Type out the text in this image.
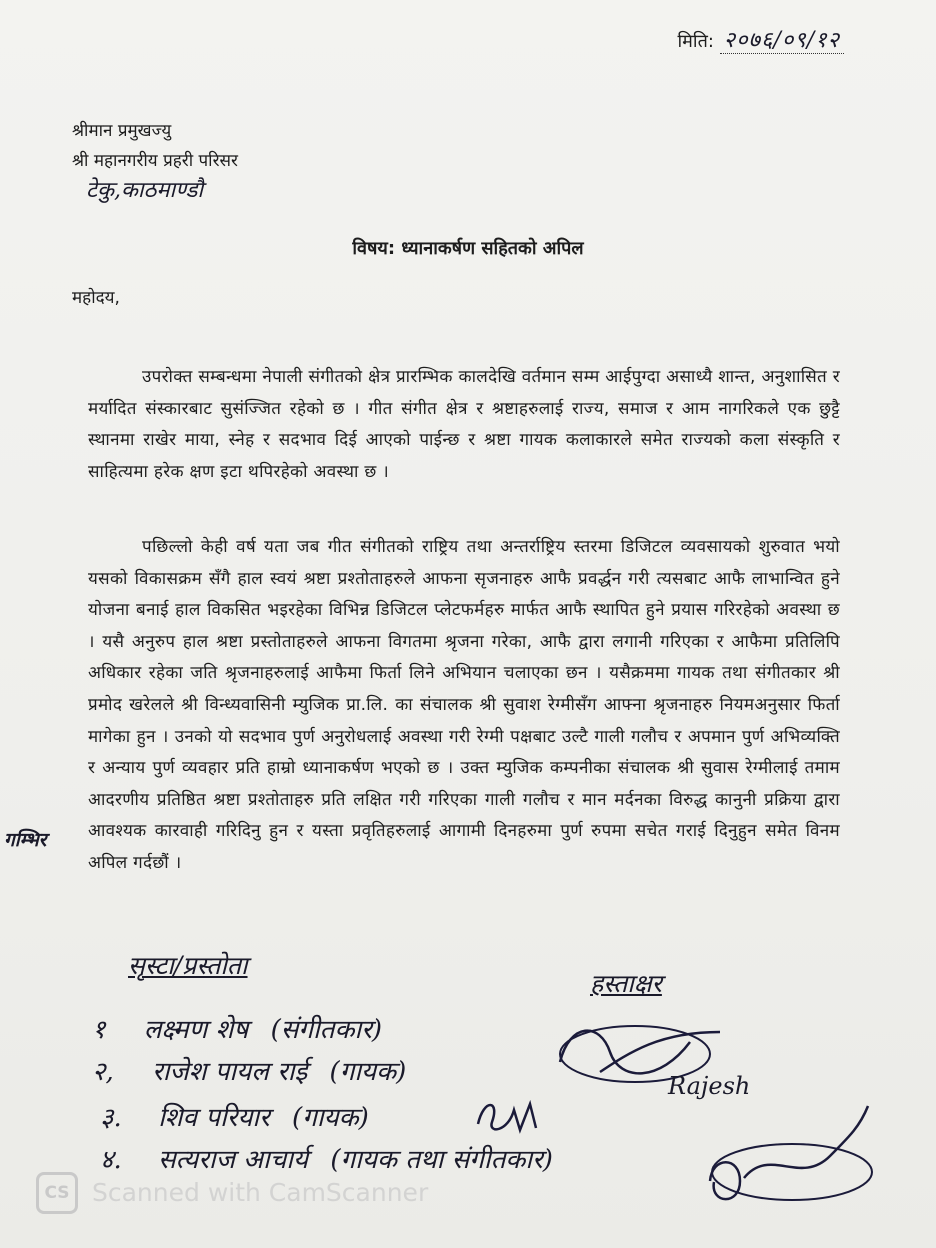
मिति: २०७६/०९/१२
श्रीमान प्रमुखज्यु
श्री महानगरीय प्रहरी परिसर
टेकु,काठमाण्डौ
विषय: ध्यानाकर्षण सहितको अपिल
महोदय,

उपरोक्त सम्बन्धमा नेपाली संगीतको क्षेत्र प्रारम्भिक कालदेखि वर्तमान सम्म आईपुग्दा असाध्यै शान्त, अनुशासित र मर्यादित संस्कारबाट सुसंज्जित रहेको छ । गीत संगीत क्षेत्र र श्रष्टाहरुलाई राज्य, समाज र आम नागरिकले एक छुट्टै स्थानमा राखेर माया, स्नेह र सदभाव दिई आएको पाईन्छ र श्रष्टा गायक कलाकारले समेत राज्यको कला संस्कृति र साहित्यमा हरेक क्षण इटा थपिरहेको अवस्था छ ।

पछिल्लो केही वर्ष यता जब गीत संगीतको राष्ट्रिय तथा अन्तर्राष्ट्रिय स्तरमा डिजिटल व्यवसायको शुरुवात भयो यसको विकासक्रम सँगै हाल स्वयं श्रष्टा प्रश्तोताहरुले आफना सृजनाहरु आफै प्रवर्द्धन गरी त्यसबाट आफै लाभान्वित हुने योजना बनाई हाल विकसित भइरहेका विभिन्न डिजिटल प्लेटफर्महरु मार्फत आफै स्थापित हुने प्रयास गरिरहेको अवस्था छ । यसै अनुरुप हाल श्रष्टा प्रस्तोताहरुले आफना विगतमा श्रृजना गरेका, आफै द्वारा लगानी गरिएका र आफैमा प्रतिलिपि अधिकार रहेका जति श्रृजनाहरुलाई आफैमा फिर्ता लिने अभियान चलाएका छन । यसैक्रममा गायक तथा संगीतकार श्री प्रमोद खरेलले श्री विन्ध्यवासिनी म्युजिक प्रा.लि. का संचालक श्री सुवाश रेग्मीसँग आफ्ना श्रृजनाहरु नियमअनुसार फिर्ता मागेका हुन । उनको यो सदभाव पुर्ण अनुरोधलाई अवस्था गरी रेग्मी पक्षबाट उल्टै गाली गलौच र अपमान पुर्ण अभिव्यक्ति र अन्याय पुर्ण व्यवहार प्रति हाम्रो ध्यानाकर्षण भएको छ । उक्त म्युजिक कम्पनीका संचालक श्री सुवास रेग्मीलाई तमाम आदरणीय प्रतिष्ठित श्रष्टा प्रश्तोताहरु प्रति लक्षित गरी गरिएका गाली गलौच र मान मर्दनका विरुद्ध कानुनी प्रक्रिया द्वारा आवश्यक कारवाही गरिदिनु हुन र यस्ता प्रवृतिहरुलाई आगामी दिनहरुमा पुर्ण रुपमा सचेत गराई दिनुहुन समेत विनम अपिल गर्दछौं ।

गम्भिर
सृस्टा/प्रस्तोता
हस्ताक्षर
१ लक्ष्मण शेष (संगीतकार)
२, राजेश पायल राई (गायक)
३. शिव परियार (गायक)
४. सत्यराज आचार्य (गायक तथा संगीतकार)
Rajesh
CS Scanned with CamScanner
